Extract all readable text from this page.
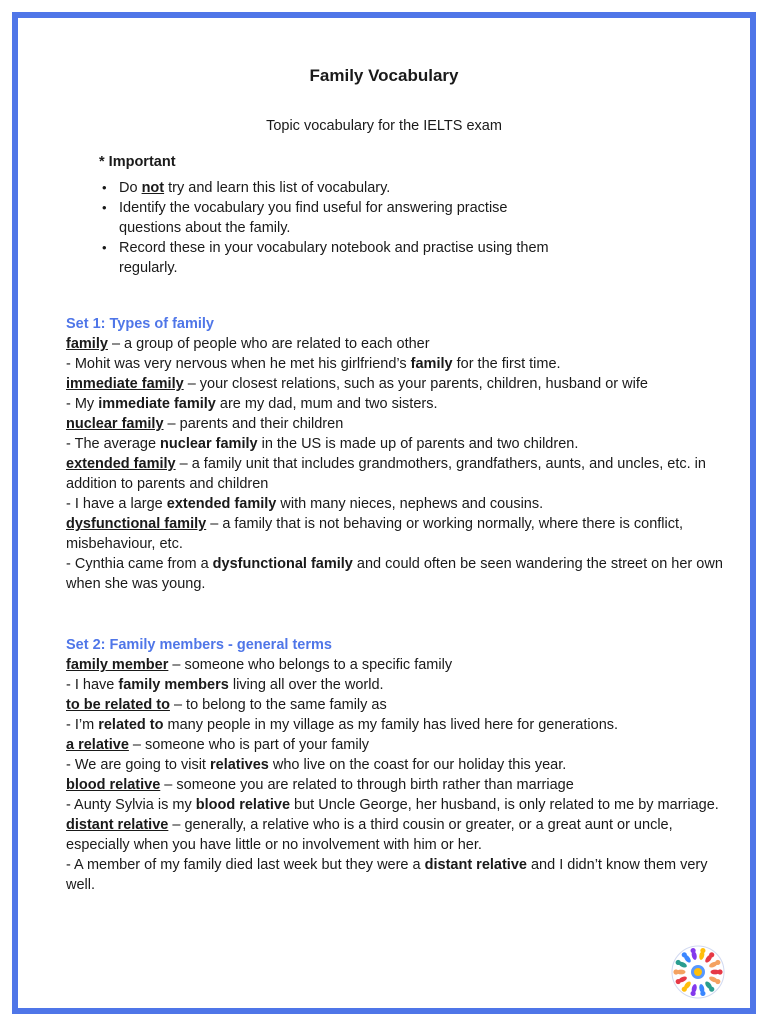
Family Vocabulary
Topic vocabulary for the IELTS exam
* Important
• Do not try and learn this list of vocabulary.
• Identify the vocabulary you find useful for answering practise questions about the family.
• Record these in your vocabulary notebook and practise using them regularly.

Set 1: Types of family

family – a group of people who are related to each other

- Mohit was very nervous when he met his girlfriend’s family for the first time.

immediate family – your closest relations, such as your parents, children, husband or wife

- My immediate family are my dad, mum and two sisters.

nuclear family – parents and their children

- The average nuclear family in the US is made up of parents and two children.

extended family – a family unit that includes grandmothers, grandfathers, aunts, and uncles, etc. in addition to parents and children

- I have a large extended family with many nieces, nephews and cousins.

dysfunctional family – a family that is not behaving or working normally, where there is conflict, misbehaviour, etc.

- Cynthia came from a dysfunctional family and could often be seen wandering the street on her own when she was young.

Set 2: Family members - general terms

family member – someone who belongs to a specific family

- I have family members living all over the world.

to be related to – to belong to the same family as

- I’m related to many people in my village as my family has lived here for generations.

a relative – someone who is part of your family

- We are going to visit relatives who live on the coast for our holiday this year.

blood relative – someone you are related to through birth rather than marriage

- Aunty Sylvia is my blood relative but Uncle George, her husband, is only related to me by marriage.

distant relative – generally, a relative who is a third cousin or greater, or a great aunt or uncle, especially when you have little or no involvement with him or her.

- A member of my family died last week but they were a distant relative and I didn’t know them very well.
